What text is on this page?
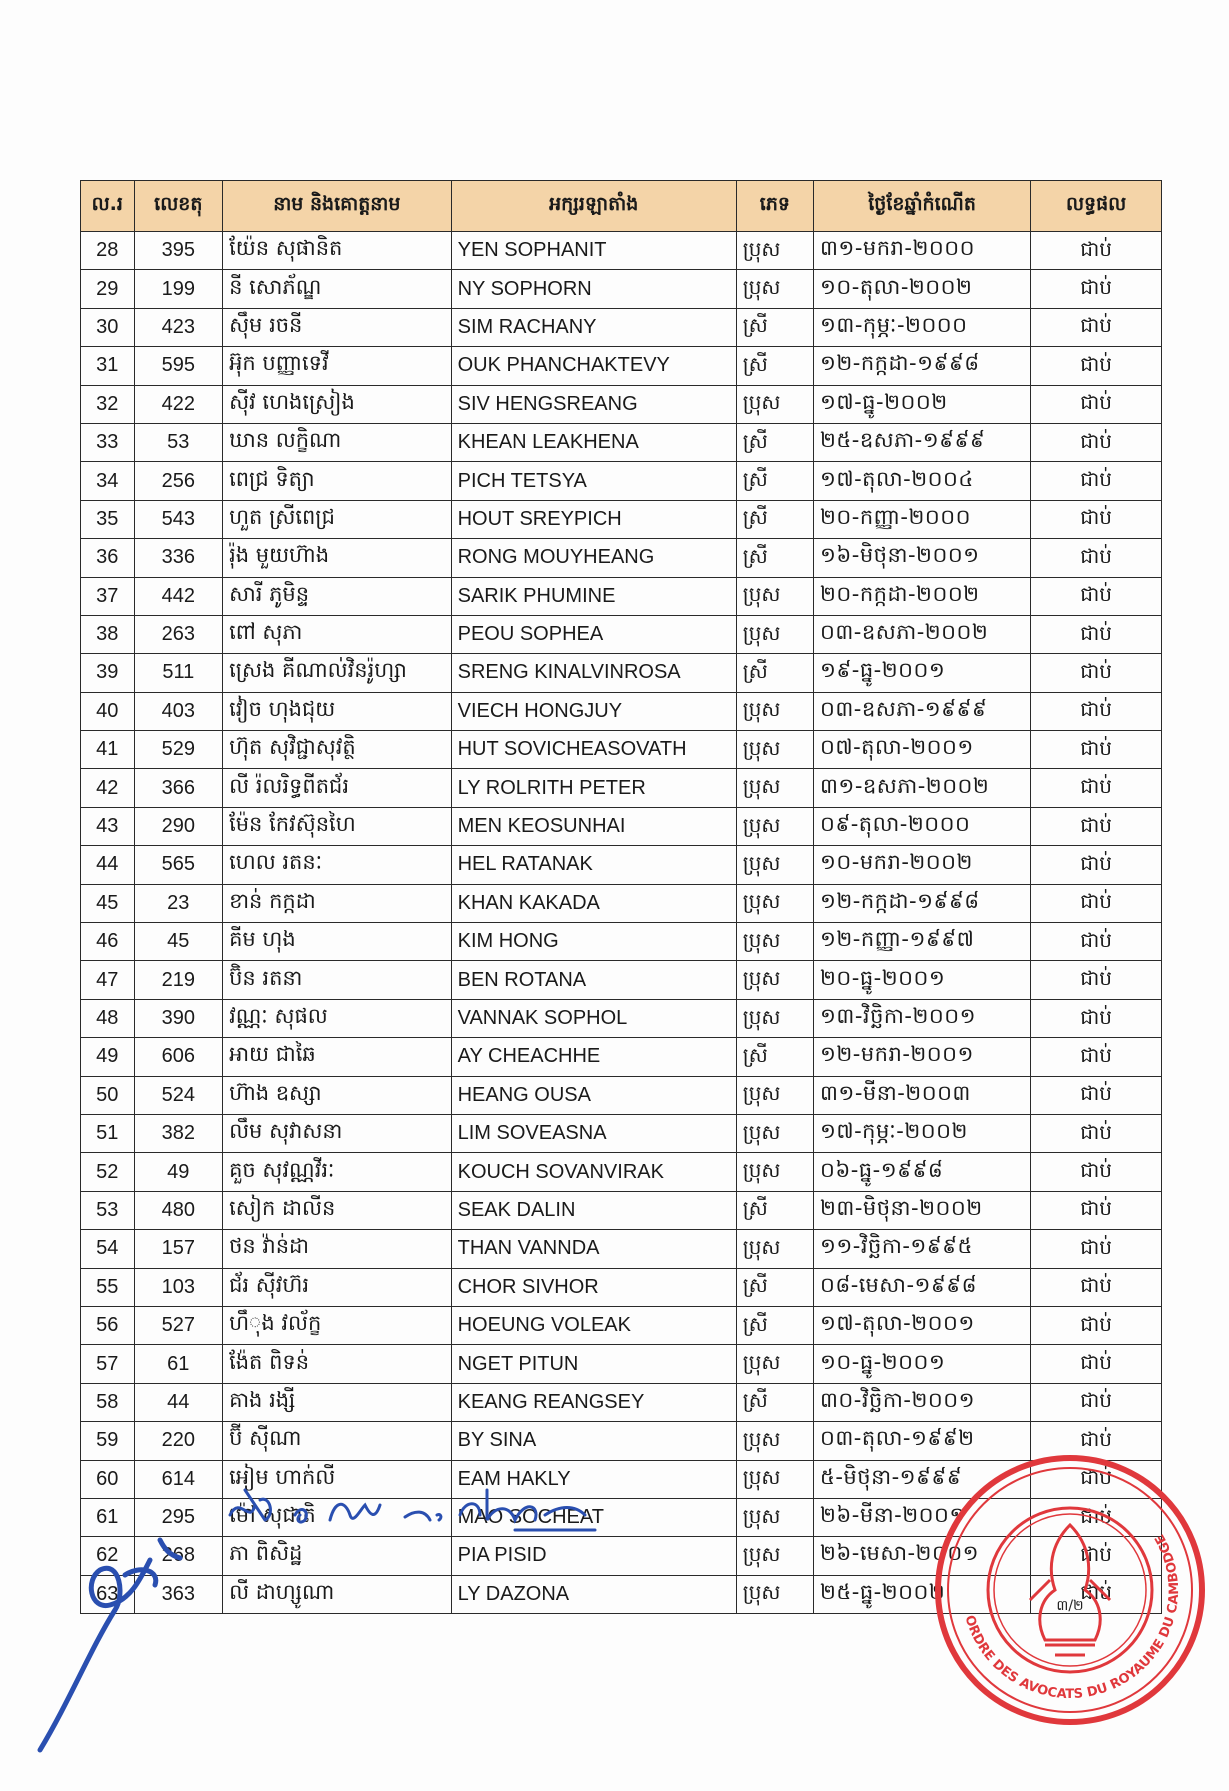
ល.រ	លេខតុ	នាម និងគោត្តនាម	អក្សរឡាតាំង	ភេទ	ថ្ងៃខែឆ្នាំកំណើត	លទ្ធផល
28	395	យ៉ែន សុផានិត	YEN SOPHANIT	ប្រុស	៣១-មករា-២០០០	ជាប់
29	199	នី សោភ័ណ្ឌ	NY SOPHORN	ប្រុស	១០-តុលា-២០០២	ជាប់
30	423	ស៊ឹម រចនី	SIM RACHANY	ស្រី	១៣-កុម្ភៈ-២០០០	ជាប់
31	595	អ៊ុក បញ្ញាទេវី	OUK PHANCHAKTEVY	ស្រី	១២-កក្កដា-១៩៩៨	ជាប់
32	422	ស៊ីវ ហេងស្រៀង	SIV HENGSREANG	ប្រុស	១៧-ធ្នូ-២០០២	ជាប់
33	53	ឃាន លក្ខិណា	KHEAN LEAKHENA	ស្រី	២៥-ឧសភា-១៩៩៩	ជាប់
34	256	ពេជ្រ ទិត្យា	PICH TETSYA	ស្រី	១៧-តុលា-២០០៤	ជាប់
35	543	ហួត ស្រីពេជ្រ	HOUT SREYPICH	ស្រី	២០-កញ្ញា-២០០០	ជាប់
36	336	រ៉ុង មួយហ៊ាង	RONG MOUYHEANG	ស្រី	១៦-មិថុនា-២០០១	ជាប់
37	442	សារី ភូមិន្ទ	SARIK PHUMINE	ប្រុស	២០-កក្កដា-២០០២	ជាប់
38	263	ពៅ សុភា	PEOU SOPHEA	ប្រុស	០៣-ឧសភា-២០០២	ជាប់
39	511	ស្រេង គីណាល់វិនរ៉ូហ្សា	SRENG KINALVINROSA	ស្រី	១៩-ធ្នូ-២០០១	ជាប់
40	403	វៀច ហុងជុយ	VIECH HONGJUY	ប្រុស	០៣-ឧសភា-១៩៩៩	ជាប់
41	529	ហ៊ុត សុវិជ្ជាសុវត្ថិ	HUT SOVICHEASOVATH	ប្រុស	០៧-តុលា-២០០១	ជាប់
42	366	លី រ៉លរិទ្ធពីតជ័រ	LY ROLRITH PETER	ប្រុស	៣១-ឧសភា-២០០២	ជាប់
43	290	ម៉ែន កែវស៊ុនហៃ	MEN KEOSUNHAI	ប្រុស	០៩-តុលា-២០០០	ជាប់
44	565	ហេល រតនៈ	HEL RATANAK	ប្រុស	១០-មករា-២០០២	ជាប់
45	23	ខាន់ កក្កដា	KHAN KAKADA	ប្រុស	១២-កក្កដា-១៩៩៨	ជាប់
46	45	គីម ហុង	KIM HONG	ប្រុស	១២-កញ្ញា-១៩៩៧	ជាប់
47	219	ប៊ិន រតនា	BEN ROTANA	ប្រុស	២០-ធ្នូ-២០០១	ជាប់
48	390	វណ្ណៈ សុផល	VANNAK SOPHOL	ប្រុស	១៣-វិច្ឆិកា-២០០១	ជាប់
49	606	អាយ ជាឆៃ	AY CHEACHHE	ស្រី	១២-មករា-២០០១	ជាប់
50	524	ហ៊ាង ឧស្សា	HEANG OUSA	ប្រុស	៣១-មីនា-២០០៣	ជាប់
51	382	លឹម សុវាសនា	LIM SOVEASNA	ប្រុស	១៧-កុម្ភៈ-២០០២	ជាប់
52	49	គួច សុវណ្ណវីរៈ	KOUCH SOVANVIRAK	ប្រុស	០៦-ធ្នូ-១៩៩៨	ជាប់
53	480	សៀក ដាលីន	SEAK DALIN	ស្រី	២៣-មិថុនា-២០០២	ជាប់
54	157	ថន វ៉ាន់ដា	THAN VANNDA	ប្រុស	១១-វិច្ឆិកា-១៩៩៥	ជាប់
55	103	ជ័រ ស៊ីវហ៊រ	CHOR SIVHOR	ស្រី	០៨-មេសា-១៩៩៨	ជាប់
56	527	ហឹុង វល័ក្ខ	HOEUNG VOLEAK	ស្រី	១៧-តុលា-២០០១	ជាប់
57	61	ង៉ែត ពិទន់	NGET PITUN	ប្រុស	១០-ធ្នូ-២០០១	ជាប់
58	44	គាង រង្សី	KEANG REANGSEY	ស្រី	៣០-វិច្ឆិកា-២០០១	ជាប់
59	220	ប៊ី ស៊ីណា	BY SINA	ប្រុស	០៣-តុលា-១៩៩២	ជាប់
60	614	អៀម ហាក់លី	EAM HAKLY	ប្រុស	៥-មិថុនា-១៩៩៩	ជាប់
61	295	ម៉ៅ សុជាតិ	MAO SOCHEAT	ប្រុស	២៦-មីនា-២០០១	ជាប់
62	268	ភា ពិសិដ្ឋ	PIA PISID	ប្រុស	២៦-មេសា-២០០១	ជាប់
63	363	លី ដាហ្សូណា	LY DAZONA	ប្រុស	២៥-ធ្នូ-២០០២	ជាប់
ORDRE DES AVOCATS DU ROYAUME DU CAMBODGE
៣/២
